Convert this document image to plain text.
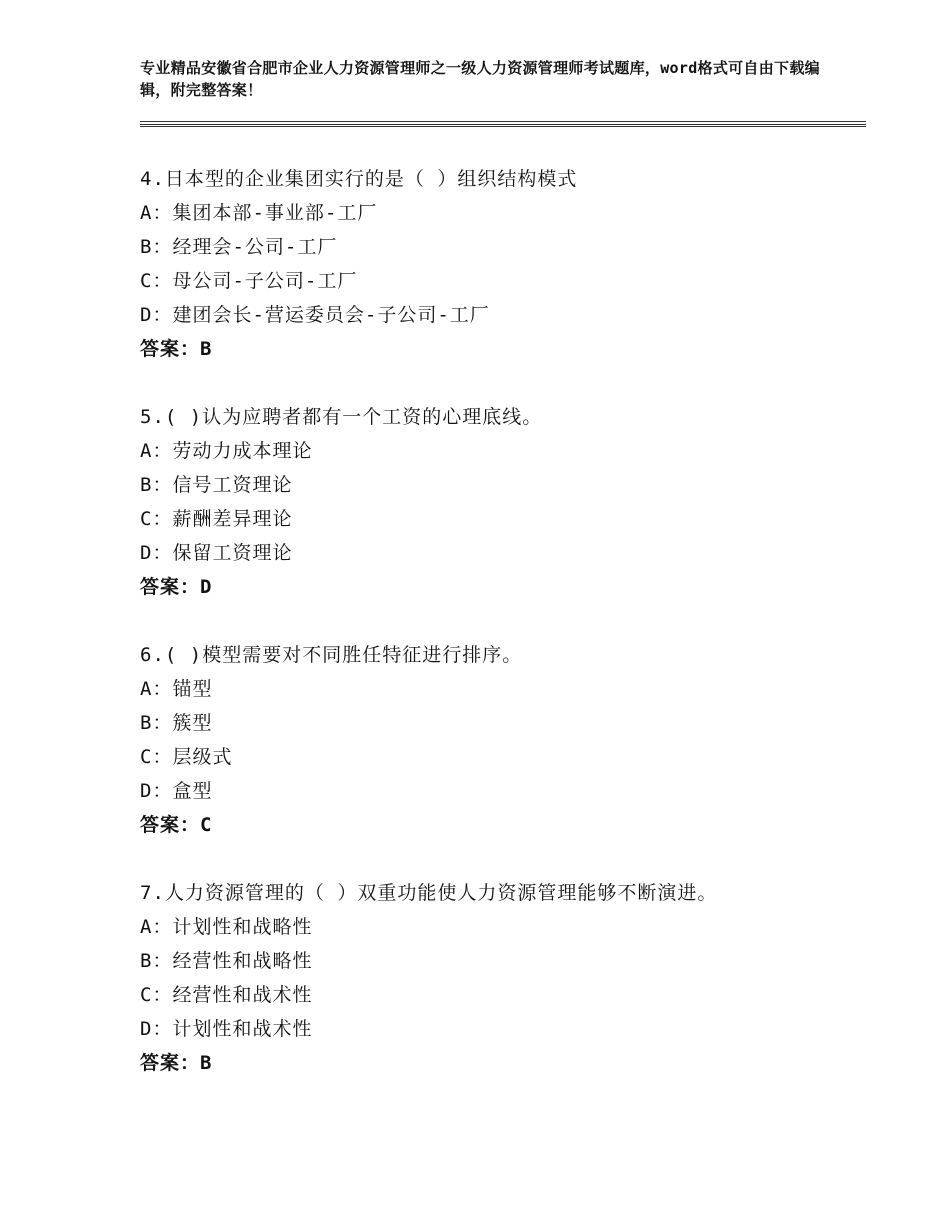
专业精品安徽省合肥市企业人力资源管理师之一级人力资源管理师考试题库，word格式可自由下载编辑，附完整答案！
4.日本型的企业集团实行的是（ ）组织结构模式
A：集团本部-事业部-工厂
B：经理会-公司-工厂
C：母公司-子公司-工厂
D：建团会长-营运委员会-子公司-工厂
答案：B
5.( )认为应聘者都有一个工资的心理底线。
A：劳动力成本理论
B：信号工资理论
C：薪酬差异理论
D：保留工资理论
答案：D
6.( )模型需要对不同胜任特征进行排序。
A：锚型
B：簇型
C：层级式
D：盒型
答案：C
7.人力资源管理的（ ）双重功能使人力资源管理能够不断演进。
A：计划性和战略性
B：经营性和战略性
C：经营性和战术性
D：计划性和战术性
答案：B
